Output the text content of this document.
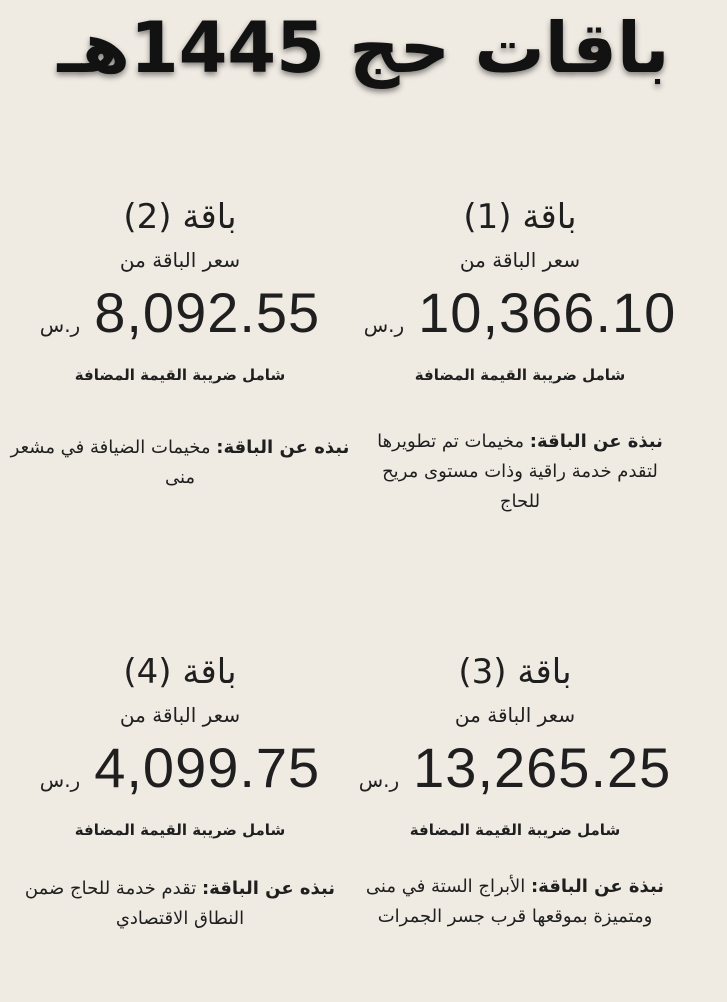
باقات حج 1445هـ
باقة (1)
سعر الباقة من
10,366.10
ر.س
شامل ضريبة القيمة المضافة
نبذة عن الباقة: مخيمات تم تطويرها لتقدم خدمة راقية وذات مستوى مريح للحاج
باقة (2)
سعر الباقة من
8,092.55
ر.س
شامل ضريبة القيمة المضافة
نبذه عن الباقة: مخيمات الضيافة في مشعر منى
باقة (3)
سعر الباقة من
13,265.25
ر.س
شامل ضريبة القيمة المضافة
نبذة عن الباقة: الأبراج الستة في منى ومتميزة بموقعها قرب جسر الجمرات
باقة (4)
سعر الباقة من
4,099.75
ر.س
شامل ضريبة القيمة المضافة
نبذه عن الباقة: تقدم خدمة للحاج ضمن النطاق الاقتصادي
